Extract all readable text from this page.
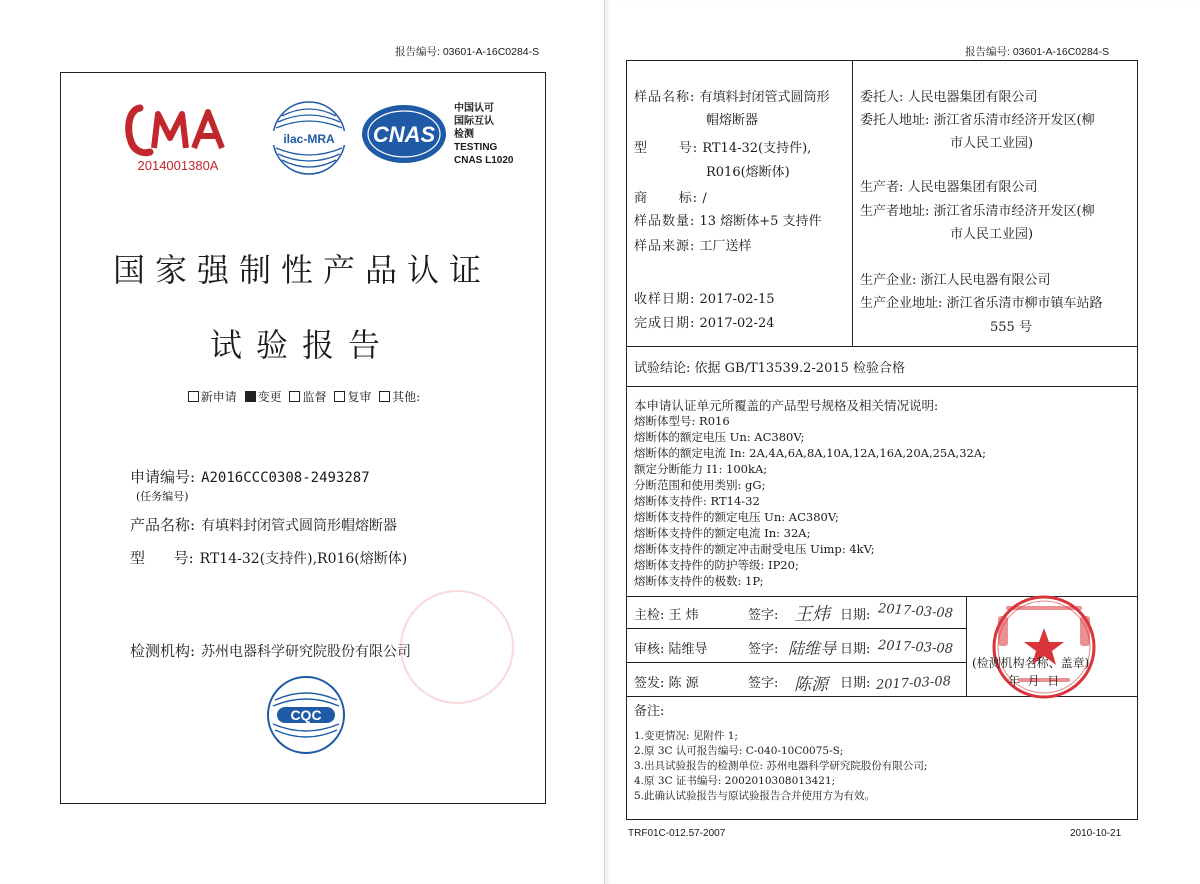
报告编号: 03601-A-16C0284-S
2014001380A
ilac-MRA CNAS
中国认可
国际互认
检测
TESTING
CNAS L1020
国家强制性产品认证
试验报告
新申请 变更 监督 复审 其他:
申请编号: A2016CCC0308-2493287
(任务编号)
产品名称: 有填料封闭管式圆筒形帽熔断器
型      号: RT14-32(支持件),R016(熔断体)
检测机构: 苏州电器科学研究院股份有限公司
CQC
报告编号: 03601-A-16C0284-S
样品名称: 有填料封闭管式圆筒形
帽熔断器
型      号: RT14-32(支持件),
R016(熔断体)
商      标: /
样品数量: 13 熔断体+5 支持件
样品来源: 工厂送样
收样日期: 2017-02-15
完成日期: 2017-02-24
委托人: 人民电器集团有限公司
委托人地址: 浙江省乐清市经济开发区(柳
市人民工业园)
生产者: 人民电器集团有限公司
生产者地址: 浙江省乐清市经济开发区(柳
市人民工业园)
生产企业: 浙江人民电器有限公司
生产企业地址: 浙江省乐清市柳市镇车站路
555 号
试验结论: 依据 GB/T13539.2-2015 检验合格
本申请认证单元所覆盖的产品型号规格及相关情况说明:
熔断体型号: R016
熔断体的额定电压 Un: AC380V;
熔断体的额定电流 In: 2A,4A,6A,8A,10A,12A,16A,20A,25A,32A;
额定分断能力 I1: 100kA;
分断范围和使用类别: gG;
熔断体支持件: RT14-32
熔断体支持件的额定电压 Un: AC380V;
熔断体支持件的额定电流 In: 32A;
熔断体支持件的额定冲击耐受电压 Uimp: 4kV;
熔断体支持件的防护等级: IP20;
熔断体支持件的极数: 1P;
主检: 王 炜	签字: 王炜 日期: 2017-03-08
审核: 陆维导	签字: 陆维导 日期: 2017-03-08
签发: 陈 源	签字: 陈源 日期: 2017-03-08
(检测机构名称、盖章)
年  月  日
备注:
1.变更情况: 见附件 1;
2.原 3C 认可报告编号: C-040-10C0075-S;
3.出具试验报告的检测单位: 苏州电器科学研究院股份有限公司;
4.原 3C 证书编号: 2002010308013421;
5.此确认试验报告与原试验报告合并使用方为有效。
TRF01C-012.57-2007	2010-10-21
